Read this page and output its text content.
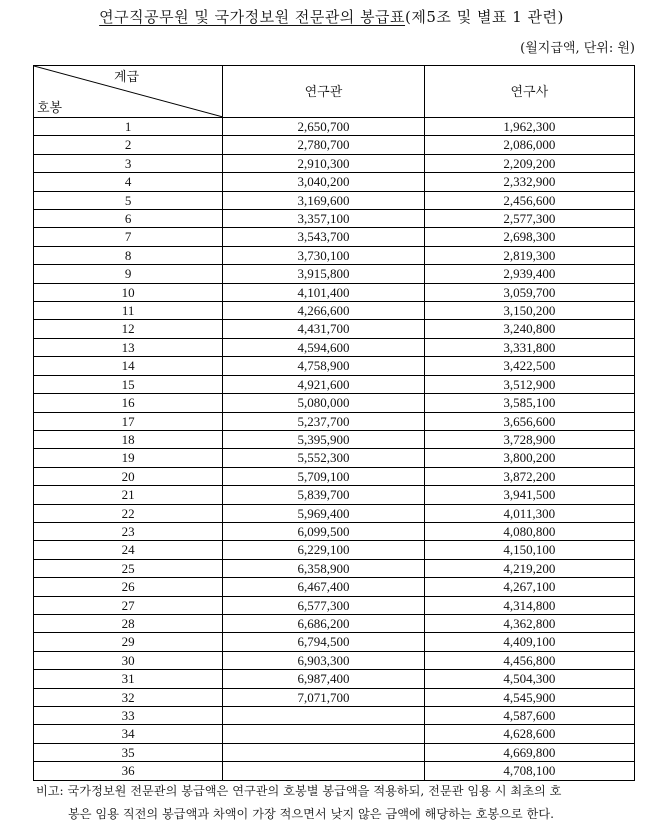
연구직공무원 및 국가정보원 전문관의 봉급표(제5조 및 별표 1 관련)
(월지급액, 단위: 원)
계급
호봉	연구관	연구사
1	2,650,700	1,962,300
2	2,780,700	2,086,000
3	2,910,300	2,209,200
4	3,040,200	2,332,900
5	3,169,600	2,456,600
6	3,357,100	2,577,300
7	3,543,700	2,698,300
8	3,730,100	2,819,300
9	3,915,800	2,939,400
10	4,101,400	3,059,700
11	4,266,600	3,150,200
12	4,431,700	3,240,800
13	4,594,600	3,331,800
14	4,758,900	3,422,500
15	4,921,600	3,512,900
16	5,080,000	3,585,100
17	5,237,700	3,656,600
18	5,395,900	3,728,900
19	5,552,300	3,800,200
20	5,709,100	3,872,200
21	5,839,700	3,941,500
22	5,969,400	4,011,300
23	6,099,500	4,080,800
24	6,229,100	4,150,100
25	6,358,900	4,219,200
26	6,467,400	4,267,100
27	6,577,300	4,314,800
28	6,686,200	4,362,800
29	6,794,500	4,409,100
30	6,903,300	4,456,800
31	6,987,400	4,504,300
32	7,071,700	4,545,900
33		4,587,600
34		4,628,600
35		4,669,800
36		4,708,100
비고: 국가정보원 전문관의 봉급액은 연구관의 호봉별 봉급액을 적용하되, 전문관 임용 시 최초의 호
봉은 임용 직전의 봉급액과 차액이 가장 적으면서 낮지 않은 금액에 해당하는 호봉으로 한다.
